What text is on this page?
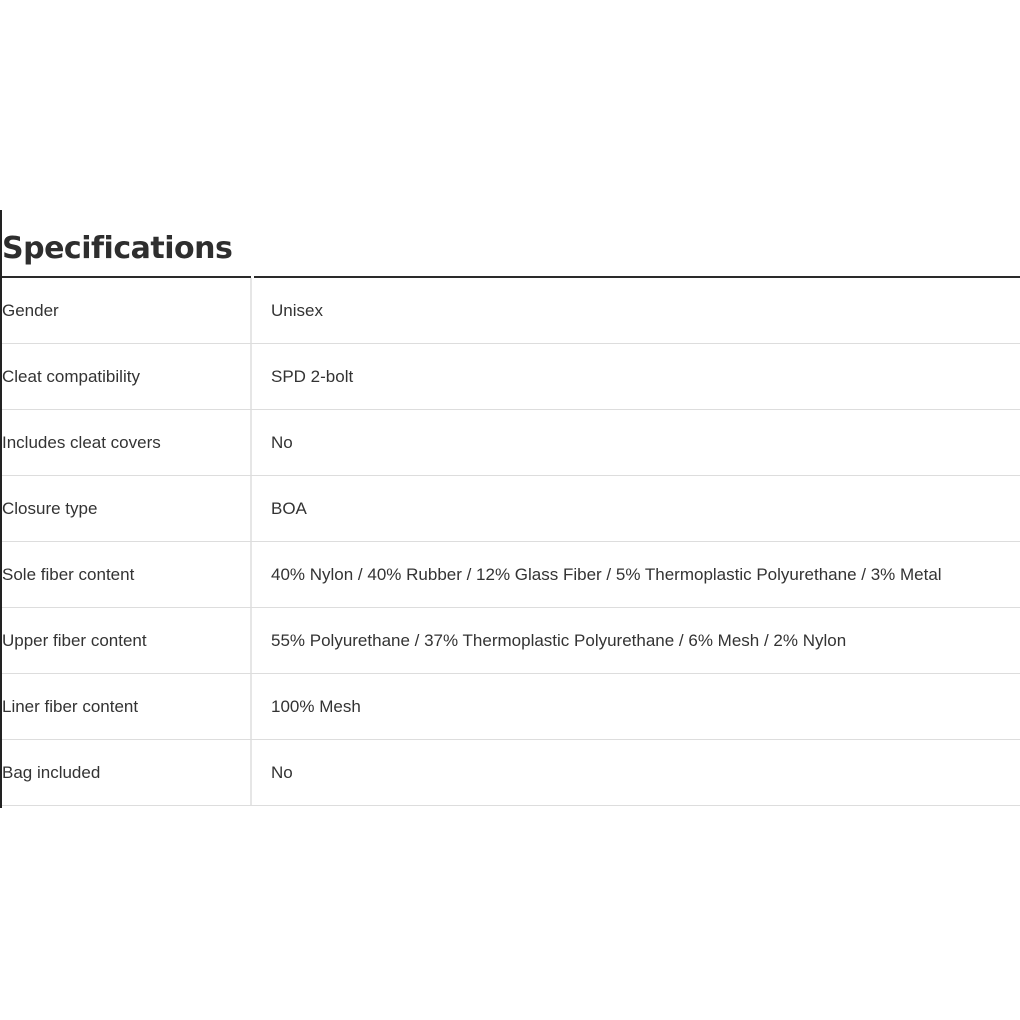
Specifications
Gender	Unisex
Cleat compatibility	SPD 2-bolt
Includes cleat covers	No
Closure type	BOA
Sole fiber content	40% Nylon / 40% Rubber / 12% Glass Fiber / 5% Thermoplastic Polyurethane / 3% Metal
Upper fiber content	55% Polyurethane / 37% Thermoplastic Polyurethane / 6% Mesh / 2% Nylon
Liner fiber content	100% Mesh
Bag included	No
